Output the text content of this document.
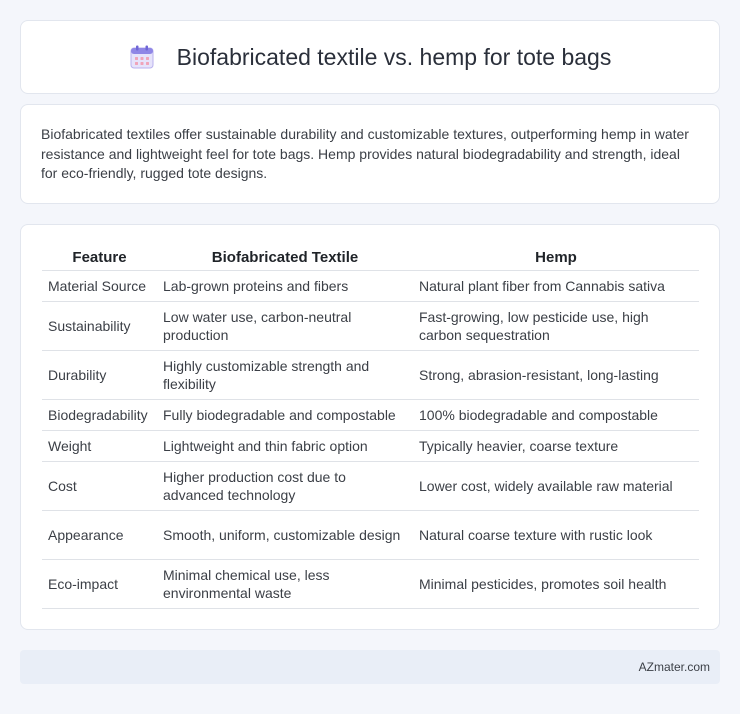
Biofabricated textile vs. hemp for tote bags

Biofabricated textiles offer sustainable durability and customizable textures, outperforming hemp in water resistance and lightweight feel for tote bags. Hemp provides natural biodegradability and strength, ideal for eco-friendly, rugged tote designs.

Feature	Biofabricated Textile	Hemp
Material Source	Lab-grown proteins and fibers	Natural plant fiber from Cannabis sativa
Sustainability	Low water use, carbon-neutral production	Fast-growing, low pesticide use, high carbon sequestration
Durability	Highly customizable strength and flexibility	Strong, abrasion-resistant, long-lasting
Biodegradability	Fully biodegradable and compostable	100% biodegradable and compostable
Weight	Lightweight and thin fabric option	Typically heavier, coarse texture
Cost	Higher production cost due to advanced technology	Lower cost, widely available raw material
Appearance	Smooth, uniform, customizable design	Natural coarse texture with rustic look
Eco-impact	Minimal chemical use, less environmental waste	Minimal pesticides, promotes soil health
AZmater.com
